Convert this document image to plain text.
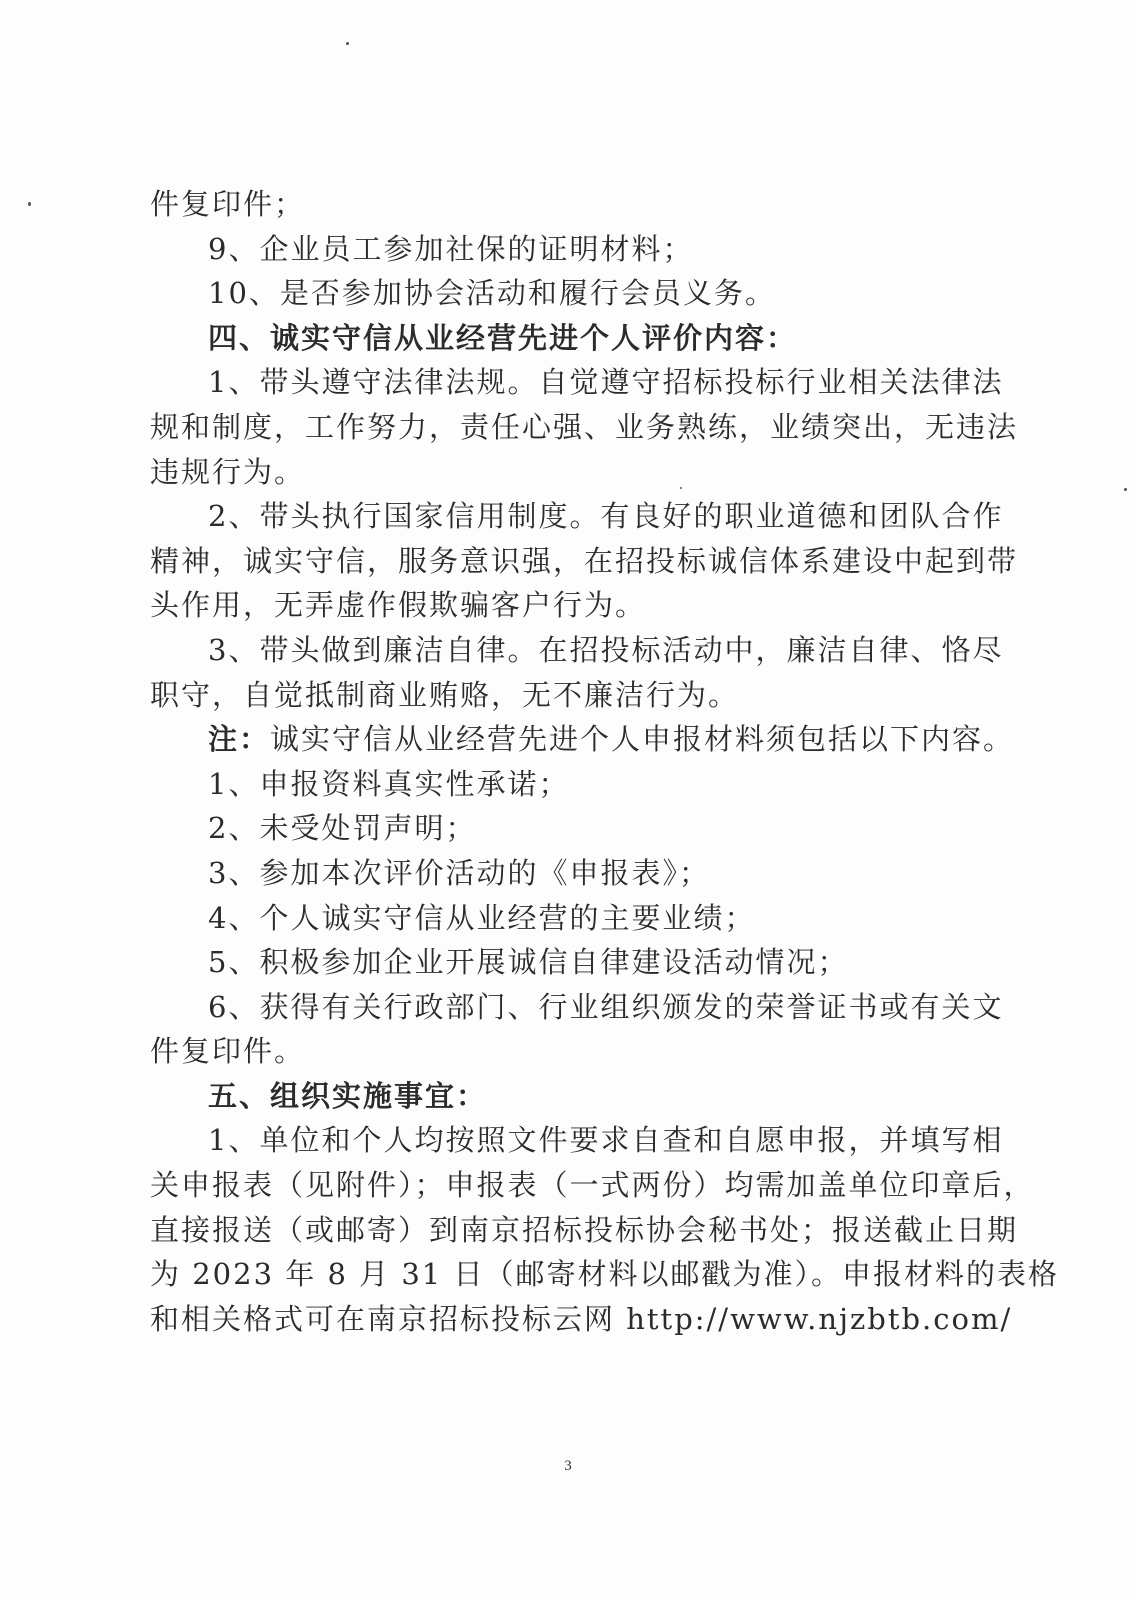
件复印件；
9、企业员工参加社保的证明材料；
10、是否参加协会活动和履行会员义务。
四、诚实守信从业经营先进个人评价内容：
1、带头遵守法律法规。自觉遵守招标投标行业相关法律法
规和制度，工作努力，责任心强、业务熟练，业绩突出，无违法
违规行为。
2、带头执行国家信用制度。有良好的职业道德和团队合作
精神，诚实守信，服务意识强，在招投标诚信体系建设中起到带
头作用，无弄虚作假欺骗客户行为。
3、带头做到廉洁自律。在招投标活动中，廉洁自律、恪尽
职守，自觉抵制商业贿赂，无不廉洁行为。
注：诚实守信从业经营先进个人申报材料须包括以下内容。
1、申报资料真实性承诺；
2、未受处罚声明；
3、参加本次评价活动的《申报表》；
4、个人诚实守信从业经营的主要业绩；
5、积极参加企业开展诚信自律建设活动情况；
6、获得有关行政部门、行业组织颁发的荣誉证书或有关文
件复印件。
五、组织实施事宜：
1、单位和个人均按照文件要求自查和自愿申报，并填写相
关申报表（见附件）；申报表（一式两份）均需加盖单位印章后，
直接报送（或邮寄）到南京招标投标协会秘书处；报送截止日期
为 2023 年 8 月 31 日（邮寄材料以邮戳为准）。申报材料的表格
和相关格式可在南京招标投标云网 http://www.njzbtb.com/
3
